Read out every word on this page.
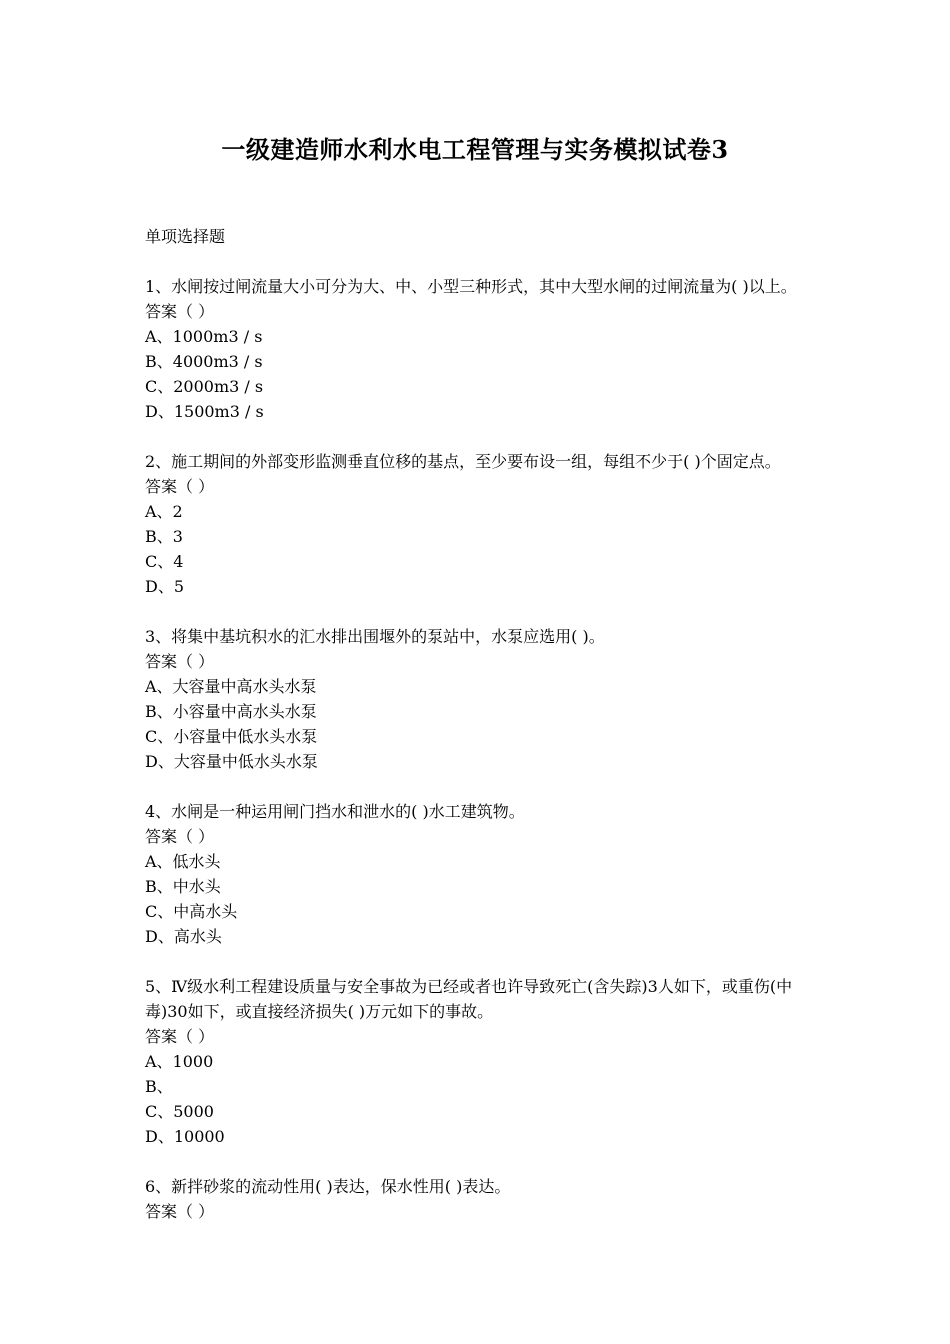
一级建造师水利水电工程管理与实务模拟试卷3

单项选择题

1、水闸按过闸流量大小可分为大、中、小型三种形式，其中大型水闸的过闸流量为( )以上。

答案（ ）

A、1000m3 / s

B、4000m3 / s

C、2000m3 / s

D、1500m3 / s

2、施工期间的外部变形监测垂直位移的基点，至少要布设一组，每组不少于( )个固定点。

答案（ ）

A、2

B、3

C、4

D、5

3、将集中基坑积水的汇水排出围堰外的泵站中，水泵应选用( )。

答案（ ）

A、大容量中高水头水泵

B、小容量中高水头水泵

C、小容量中低水头水泵

D、大容量中低水头水泵

4、水闸是一种运用闸门挡水和泄水的( )水工建筑物。

答案（ ）

A、低水头

B、中水头

C、中高水头

D、高水头

5、Ⅳ级水利工程建设质量与安全事故为已经或者也许导致死亡(含失踪)3人如下，或重伤(中毒)30如下，或直接经济损失( )万元如下的事故。

答案（ ）

A、1000

B、

C、5000

D、10000

6、新拌砂浆的流动性用( )表达，保水性用( )表达。

答案（ ）
